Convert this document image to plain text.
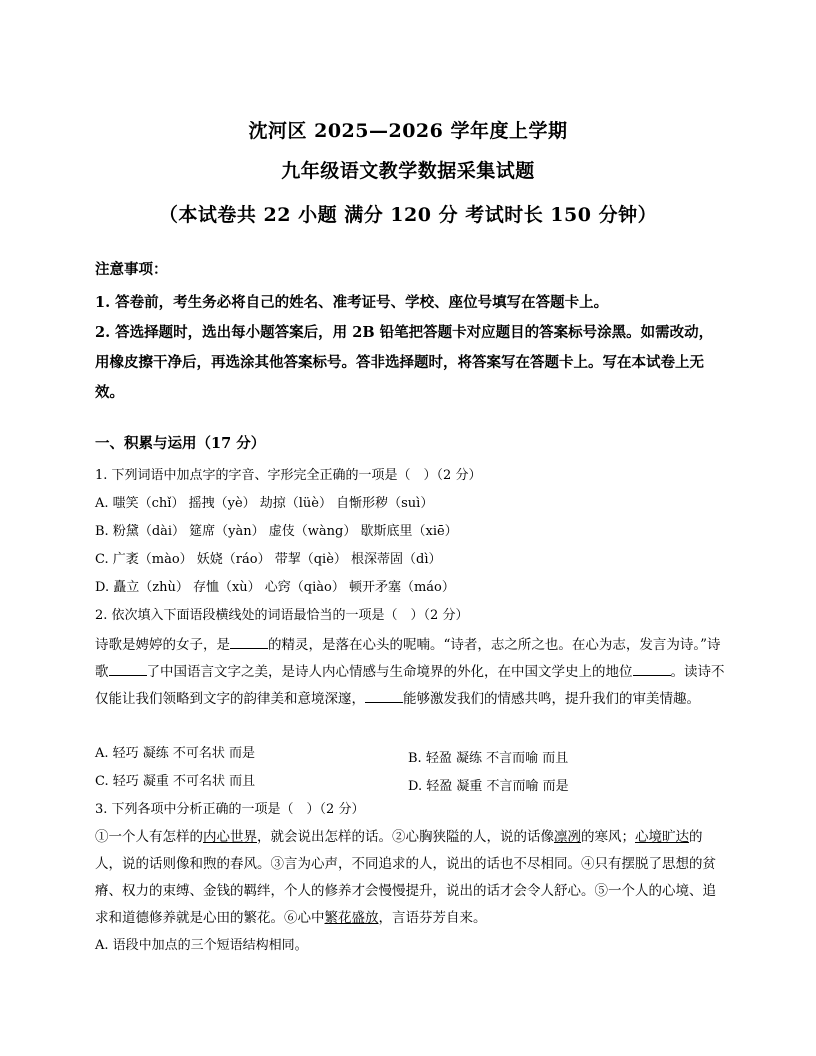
沈河区 2025—2026 学年度上学期
九年级语文教学数据采集试题
（本试卷共 22 小题 满分 120 分 考试时长 150 分钟）
注意事项：
1. 答卷前，考生务必将自己的姓名、准考证号、学校、座位号填写在答题卡上。
2. 答选择题时，选出每小题答案后，用 2B 铅笔把答题卡对应题目的答案标号涂黑。如需改动，用橡皮擦干净后，再选涂其他答案标号。答非选择题时，将答案写在答题卡上。写在本试卷上无效。
一、积累与运用（17 分）
1. 下列词语中加点字的字音、字形完全正确的一项是（　）（2 分）
A. 嗤笑（chǐ） 摇拽（yè） 劫掠（lüè） 自惭形秽（suì）
B. 粉黛（dài） 筵席（yàn） 虚伎（wàng） 歇斯底里（xiē）
C. 广袤（mào） 妖娆（ráo） 带挈（qiè） 根深蒂固（dì）
D. 矗立（zhù） 存恤（xù） 心窍（qiào） 顿开矛塞（máo）
2. 依次填入下面语段横线处的词语最恰当的一项是（　）（2 分）
诗歌是娉婷的女子，是	的精灵，是落在心头的呢喃。“诗者，志之所之也。在心为志，发言为诗。”诗歌	了中国语言文字之美，是诗人内心情感与生命境界的外化，在中国文学史上的地位	。读诗不仅能让我们领略到文字的韵律美和意境深邃，	能够激发我们的情感共鸣，提升我们的审美情趣。
A. 轻巧 凝练 不可名状 而是	B. 轻盈 凝练 不言而喻 而且
C. 轻巧 凝重 不可名状 而且	D. 轻盈 凝重 不言而喻 而是
3. 下列各项中分析正确的一项是（　）（2 分）
①一个人有怎样的内心世界，就会说出怎样的话。②心胸狭隘的人，说的话像凛冽的寒风；心境旷达的人，说的话则像和煦的春风。③言为心声，不同追求的人，说出的话也不尽相同。④只有摆脱了思想的贫瘠、权力的束缚、金钱的羁绊，个人的修养才会慢慢提升，说出的话才会令人舒心。⑤一个人的心境、追求和道德修养就是心田的繁花。⑥心中繁花盛放，言语芬芳自来。
A. 语段中加点的三个短语结构相同。
